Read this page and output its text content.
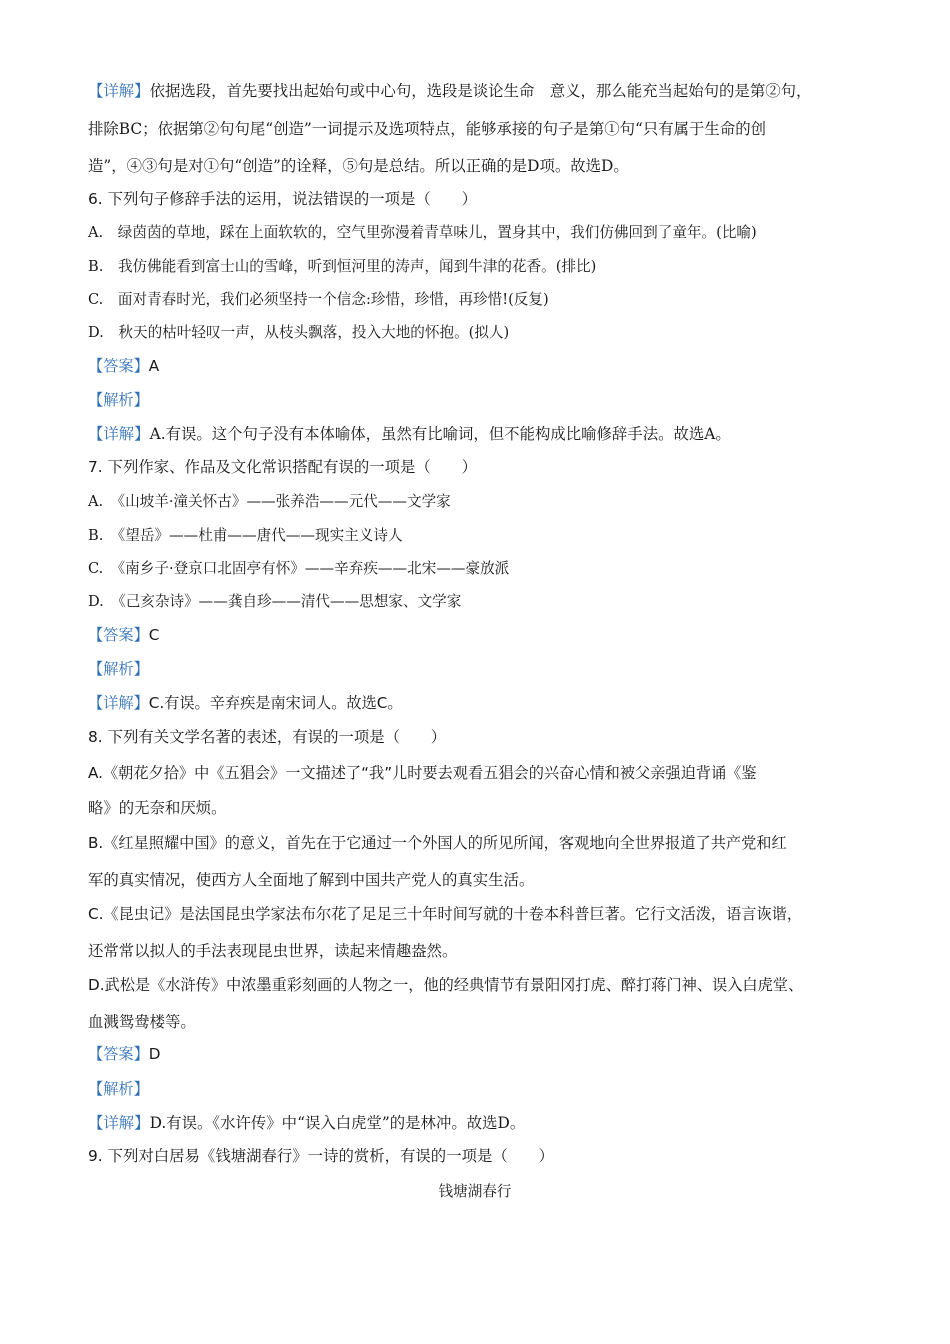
【详解】依据选段，首先要找出起始句或中心句，选段是谈论生命　意义，那么能充当起始句的是第②句，
排除BC；依据第②句句尾“创造”一词提示及选项特点，能够承接的句子是第①句“只有属于生命的创
造”，④③句是对①句“创造”的诠释，⑤句是总结。所以正确的是D项。故选D。
6. 下列句子修辞手法的运用，说法错误的一项是（　　）
A.　绿茵茵的草地，踩在上面软软的，空气里弥漫着青草味儿，置身其中，我们仿佛回到了童年。(比喻)
B.　我仿佛能看到富士山的雪峰，听到恒河里的涛声，闻到牛津的花香。(排比)
C.　面对青春时光，我们必须坚持一个信念:珍惜，珍惜，再珍惜!(反复)
D.　秋天的枯叶轻叹一声，从枝头飘落，投入大地的怀抱。(拟人)
【答案】A
【解析】
【详解】A.有误。这个句子没有本体喻体，虽然有比喻词，但不能构成比喻修辞手法。故选A。
7. 下列作家、作品及文化常识搭配有误的一项是（　　）
A.　《山坡羊·潼关怀古》——张养浩——元代——文学家
B.　《望岳》——杜甫——唐代——现实主义诗人
C.　《南乡子·登京口北固亭有怀》——辛弃疾——北宋——豪放派
D.　《己亥杂诗》——龚自珍——清代——思想家、文学家
【答案】C
【解析】
【详解】C.有误。辛弃疾是南宋词人。故选C。
8. 下列有关文学名著的表述，有误的一项是（　　）
A.《朝花夕拾》中《五猖会》一文描述了“我”儿时要去观看五猖会的兴奋心情和被父亲强迫背诵《鉴
略》的无奈和厌烦。
B.《红星照耀中国》的意义，首先在于它通过一个外国人的所见所闻，客观地向全世界报道了共产党和红
军的真实情况，使西方人全面地了解到中国共产党人的真实生活。
C.《昆虫记》是法国昆虫学家法布尔花了足足三十年时间写就的十卷本科普巨著。它行文活泼，语言诙谐，
还常常以拟人的手法表现昆虫世界，读起来情趣盎然。
D.武松是《水浒传》中浓墨重彩刻画的人物之一，他的经典情节有景阳冈打虎、醉打蒋门神、误入白虎堂、
血溅鸳鸯楼等。
【答案】D
【解析】
【详解】D.有误。《水许传》中“误入白虎堂”的是林冲。故选D。
9. 下列对白居易《钱塘湖春行》一诗的赏析，有误的一项是（　　）
钱塘湖春行
